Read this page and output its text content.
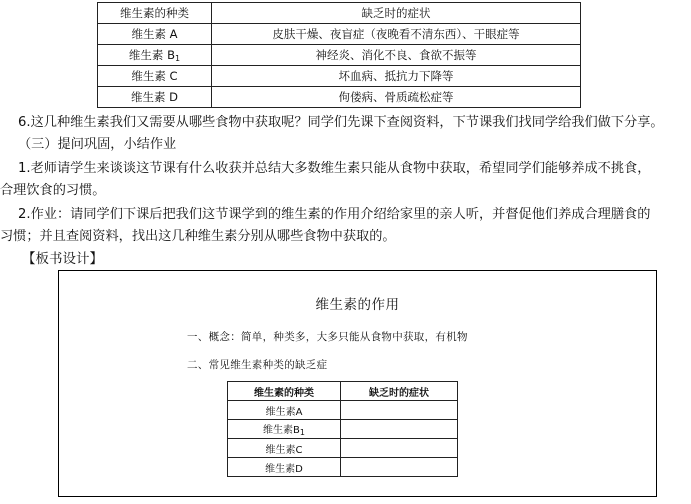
维生素的种类	缺乏时的症状
维生素 A	皮肤干燥、夜盲症（夜晚看不清东西）、干眼症等
维生素 $B_1$	神经炎、消化不良、食欲不振等
维生素 C	坏血病、抵抗力下降等
维生素 D	佝偻病、骨质疏松症等
6.这几种维生素我们又需要从哪些食物中获取呢？同学们先课下查阅资料，下节课我们找同学给我们做下分享。
（三）提问巩固，小结作业
1.老师请学生来谈谈这节课有什么收获并总结大多数维生素只能从食物中获取，希望同学们能够养成不挑食，
合理饮食的习惯。
2.作业：请同学们下课后把我们这节课学到的维生素的作用介绍给家里的亲人听，并督促他们养成合理膳食的
习惯；并且查阅资料，找出这几种维生素分别从哪些食物中获取的。
【板书设计】
维生素的作用
一、概念：简单，种类多，大多只能从食物中获取，有机物
二、常见维生素种类的缺乏症
维生素的种类	缺乏时的症状
维生素A	
维生素$B_1$	
维生素C	
维生素D	
